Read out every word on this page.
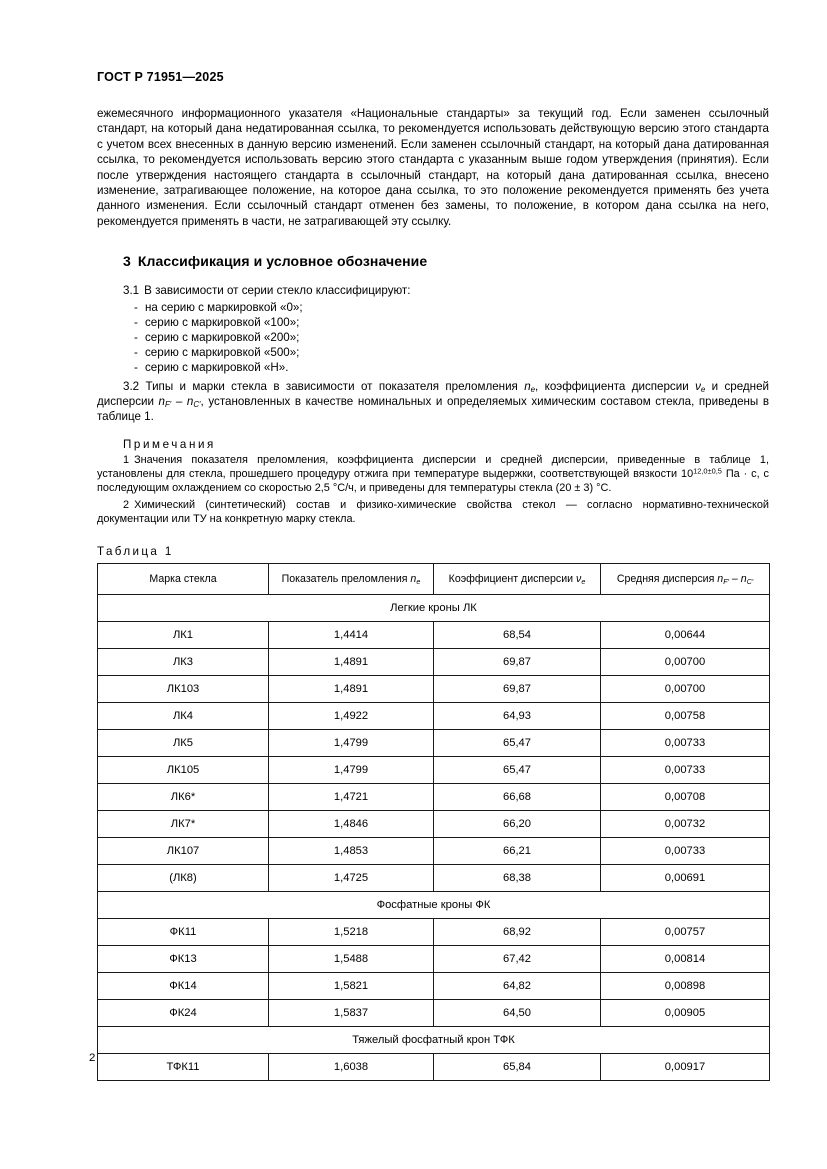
ГОСТ Р 71951—2025

ежемесячного информационного указателя «Национальные стандарты» за текущий год. Если заменен ссылочный стандарт, на который дана недатированная ссылка, то рекомендуется использовать действующую версию этого стандарта с учетом всех внесенных в данную версию изменений. Если заменен ссылочный стандарт, на который дана датированная ссылка, то рекомендуется использовать версию этого стандарта с указанным выше годом утверждения (принятия). Если после утверждения настоящего стандарта в ссылочный стандарт, на который дана датированная ссылка, внесено изменение, затрагивающее положение, на которое дана ссылка, то это положение рекомендуется применять без учета данного изменения. Если ссылочный стандарт отменен без замены, то положение, в котором дана ссылка на него, рекомендуется применять в части, не затрагивающей эту ссылку.

3 Классификация и условное обозначение

3.1 В зависимости от серии стекло классифицируют:

- на серию с маркировкой «0»;
- серию с маркировкой «100»;
- серию с маркировкой «200»;
- серию с маркировкой «500»;
- серию с маркировкой «Н».

3.2 Типы и марки стекла в зависимости от показателя преломления $n_e$, коэффициента дисперсии $\nu_e$ и средней дисперсии $n_{F'} - n_{C'}$, установленных в качестве номинальных и определяемых химическим составом стекла, приведены в таблице 1.

Примечания

1 Значения показателя преломления, коэффициента дисперсии и средней дисперсии, приведенные в таблице 1, установлены для стекла, прошедшего процедуру отжига при температуре выдержки, соответствующей вязкости $10^{12,0\pm 0,5}$ Па · с, с последующим охлаждением со скоростью 2,5 °C/ч, и приведены для температуры стекла (20 ± 3) °C.

2 Химический (синтетический) состав и физико-химические свойства стекол — согласно нормативно-технической документации или ТУ на конкретную марку стекла.

Таблица 1
Марка стекла	Показатель преломления $n_e$	Коэффициент дисперсии $\nu_e$	Средняя дисперсия $n_{F'} - n_{C'}$
Легкие кроны ЛК			
ЛК1	1,4414	68,54	0,00644
ЛК3	1,4891	69,87	0,00700
ЛК103	1,4891	69,87	0,00700
ЛК4	1,4922	64,93	0,00758
ЛК5	1,4799	65,47	0,00733
ЛК105	1,4799	65,47	0,00733
ЛК6*	1,4721	66,68	0,00708
ЛК7*	1,4846	66,20	0,00732
ЛК107	1,4853	66,21	0,00733
(ЛК8)	1,4725	68,38	0,00691
Фосфатные кроны ФК			
ФК11	1,5218	68,92	0,00757
ФК13	1,5488	67,42	0,00814
ФК14	1,5821	64,82	0,00898
ФК24	1,5837	64,50	0,00905
Тяжелый фосфатный крон ТФК			
ТФК11	1,6038	65,84	0,00917
2
